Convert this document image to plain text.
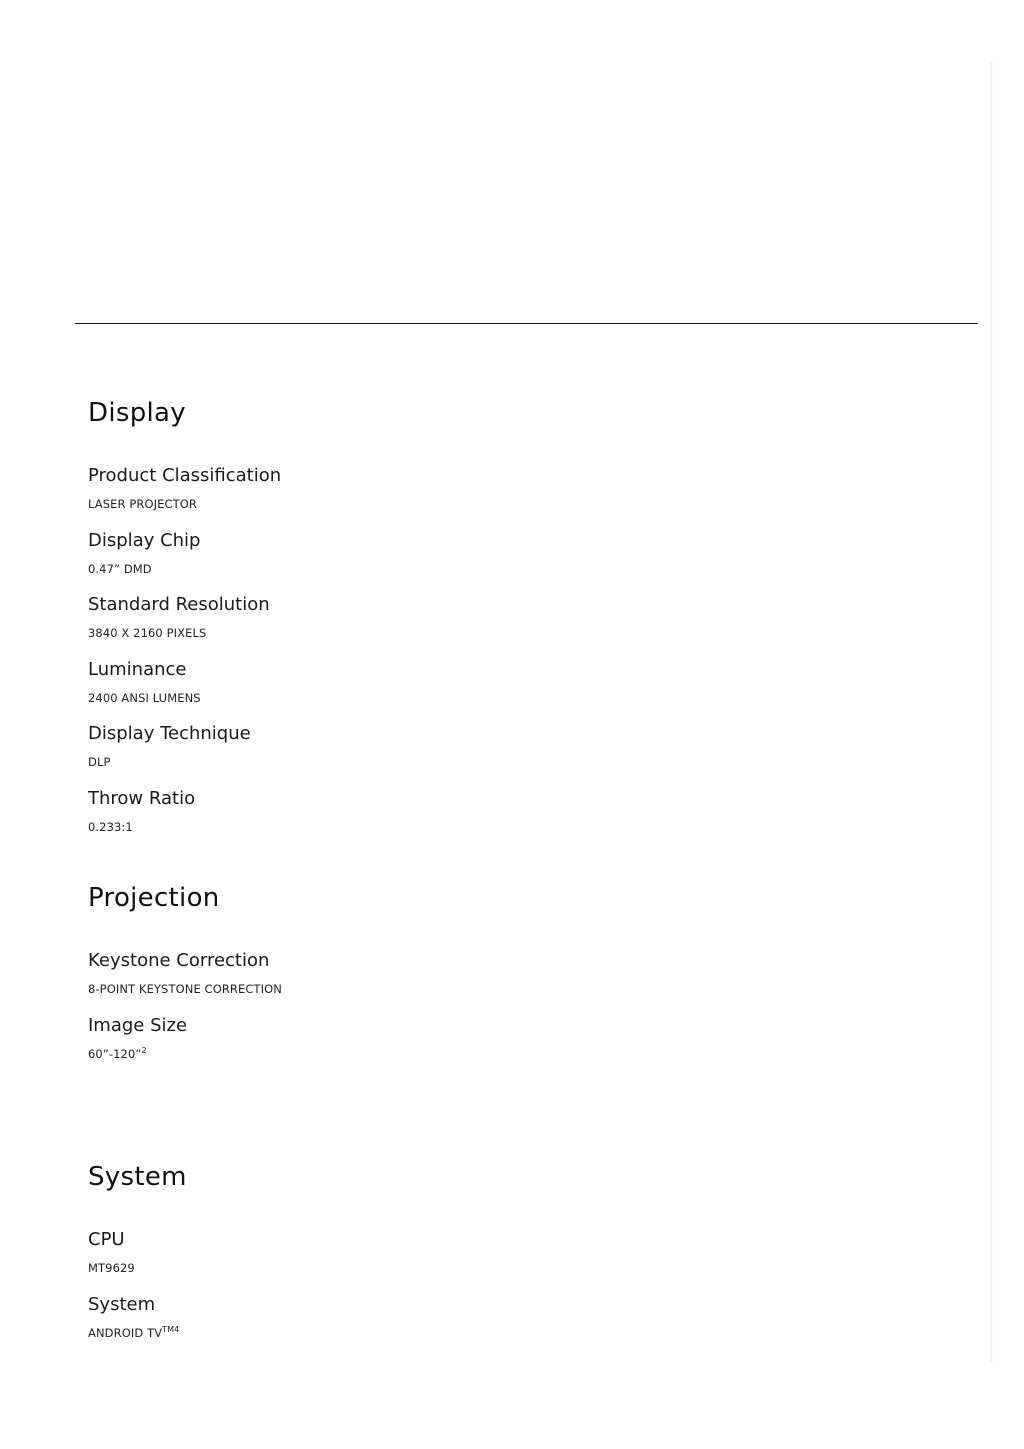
Display
Product Classification
LASER PROJECTOR
Display Chip
0.47” DMD
Standard Resolution
3840 X 2160 PIXELS
Luminance
2400 ANSI LUMENS
Display Technique
DLP
Throw Ratio
0.233:1
Projection
Keystone Correction
8-POINT KEYSTONE CORRECTION
Image Size
60”-120”$^2$
System
CPU
MT9629
System
ANDROID $TV^{TM4}$
